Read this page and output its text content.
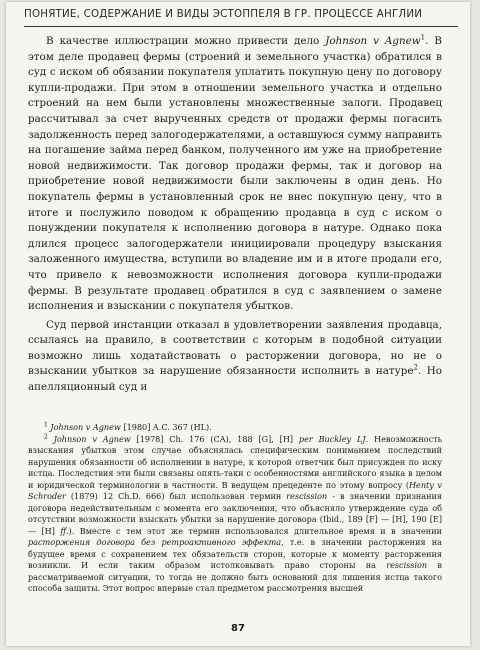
ПОНЯТИЕ, СОДЕРЖАНИЕ И ВИДЫ ЭСТОППЕЛЯ В ГР. ПРОЦЕССЕ АНГЛИИ

В качестве иллюстрации можно привести дело Johnson v Agnew$^1$. В этом деле продавец фермы (строений и земельного участка) обратился в суд с иском об обязании покупателя уплатить покупную цену по договору купли-продажи. При этом в отношении земельного участка и отдельно строений на нем были установлены множественные залоги. Продавец рассчитывал за счет вырученных средств от продажи фермы погасить задолженность перед залогодержателями, а оставшуюся сумму направить на погашение займа перед банком, полученного им уже на приобретение новой недвижимости. Так договор продажи фермы, так и договор на приобретение новой недвижимости были заключены в один день. Но покупатель фермы в установленный срок не внес покупную цену, что в итоге и послужило поводом к обращению продавца в суд с иском о понуждении покупателя к исполнению договора в натуре. Однако пока длился процесс залогодержатели инициировали процедуру взыскания заложенного имущества, вступили во владение им и в итоге продали его, что привело к невозможности исполнения договора купли-продажи фермы. В результате продавец обратился в суд с заявлением о замене исполнения и взыскании с покупателя убытков.

Суд первой инстанции отказал в удовлетворении заявления продавца, ссылаясь на правило, в соответствии с которым в подобной ситуации возможно лишь ходатайствовать о расторжении договора, но не о взыскании убытков за нарушение обязанности исполнить в натуре$^2$. Но апелляционный суд и

$^1$ Johnson v Agnew [1980] A.C. 367 (HL).

$^2$ Johnson v Agnew [1978] Ch. 176 (CA), 188 [G], [H] per Buckley LJ. Невозможность взыскания убытков этом случае объяснялась специфическим пониманием последствий нарушения обязанности об исполнении в натуре, к которой ответчик был присужден по иску истца. Последствия эти были связаны опять-таки с особенностями английского языка в целом и юридической терминологии в частности. В ведущем прецеденте по этому вопросу (Henty v Schroder (1879) 12 Ch.D. 666) был использован термин rescission - в значении признания договора недействительным с момента его заключения, что объясняло утверждение суда об отсутствии возможности взыскать убытки за нарушение договора (Ibid., 189 [F] — [H], 190 [E] — [H] ff.). Вместе с тем этот же термин использовался длительное время и в значении расторжения договора без ретроактивного эффекта, т.е. в значении расторжения на будущее время с сохранением тех обязательств сторон, которые к моменту расторжения возникли. И если таким образом истолковывать право стороны на rescission в рассматриваемой ситуации, то тогда не должно быть оснований для лишения истца такого способа защиты. Этот вопрос впервые стал предметом рассмотрения высшей

87
